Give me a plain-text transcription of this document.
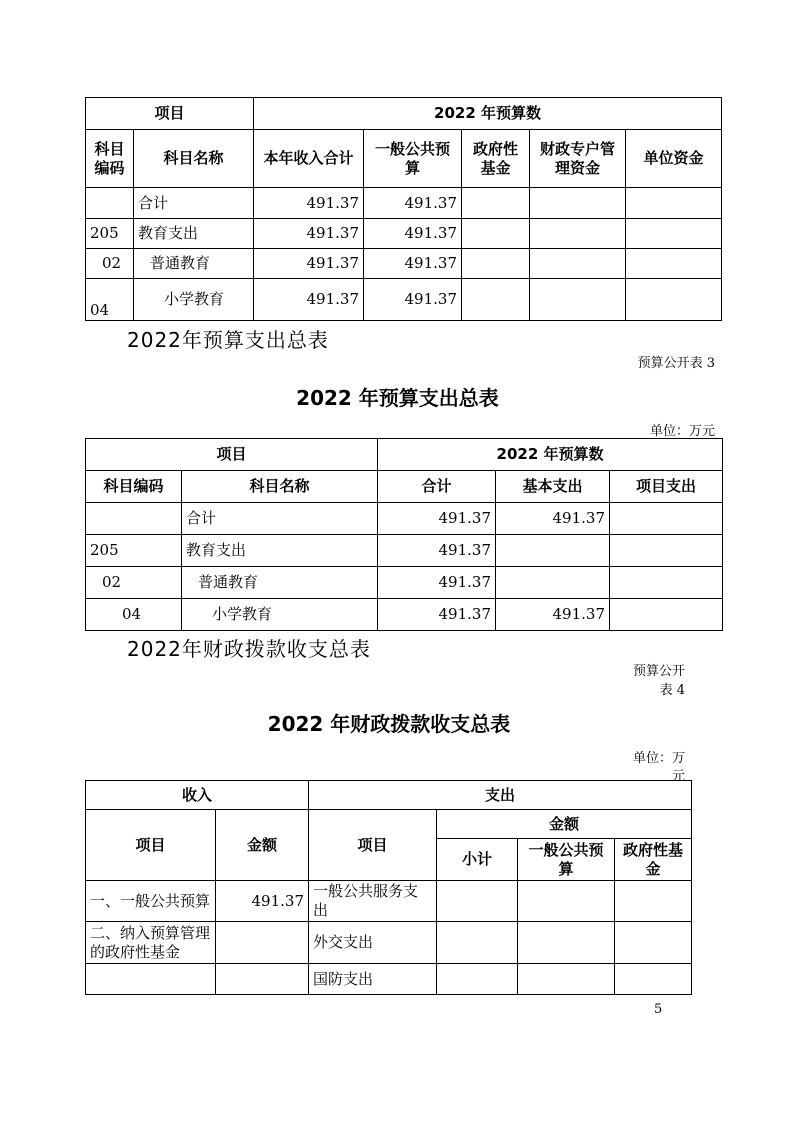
项目		2022 年预算数				
科目编码	科目名称	本年收入合计	一般公共预算	政府性基金	财政专户管理资金	单位资金
	合计	491.37	491.37			
205	教育支出	491.37	491.37			
02	普通教育	491.37	491.37			
04	小学教育	491.37	491.37			
2022年预算支出总表
预算公开表 3
2022 年预算支出总表
单位：万元
项目		2022 年预算数		
科目编码	科目名称	合计	基本支出	项目支出
	合计	491.37	491.37	
205	教育支出	491.37		
02	普通教育	491.37		
04	小学教育	491.37	491.37	
2022年财政拨款收支总表
预算公开
表 4
2022 年财政拨款收支总表
单位：万
元
收入		支出			
项目	金额	项目	金额		
			小计	一般公共预算	政府性基金
一、一般公共预算	491.37	一般公共服务支出			
二、纳入预算管理的政府性基金		外交支出			
		国防支出			
5
